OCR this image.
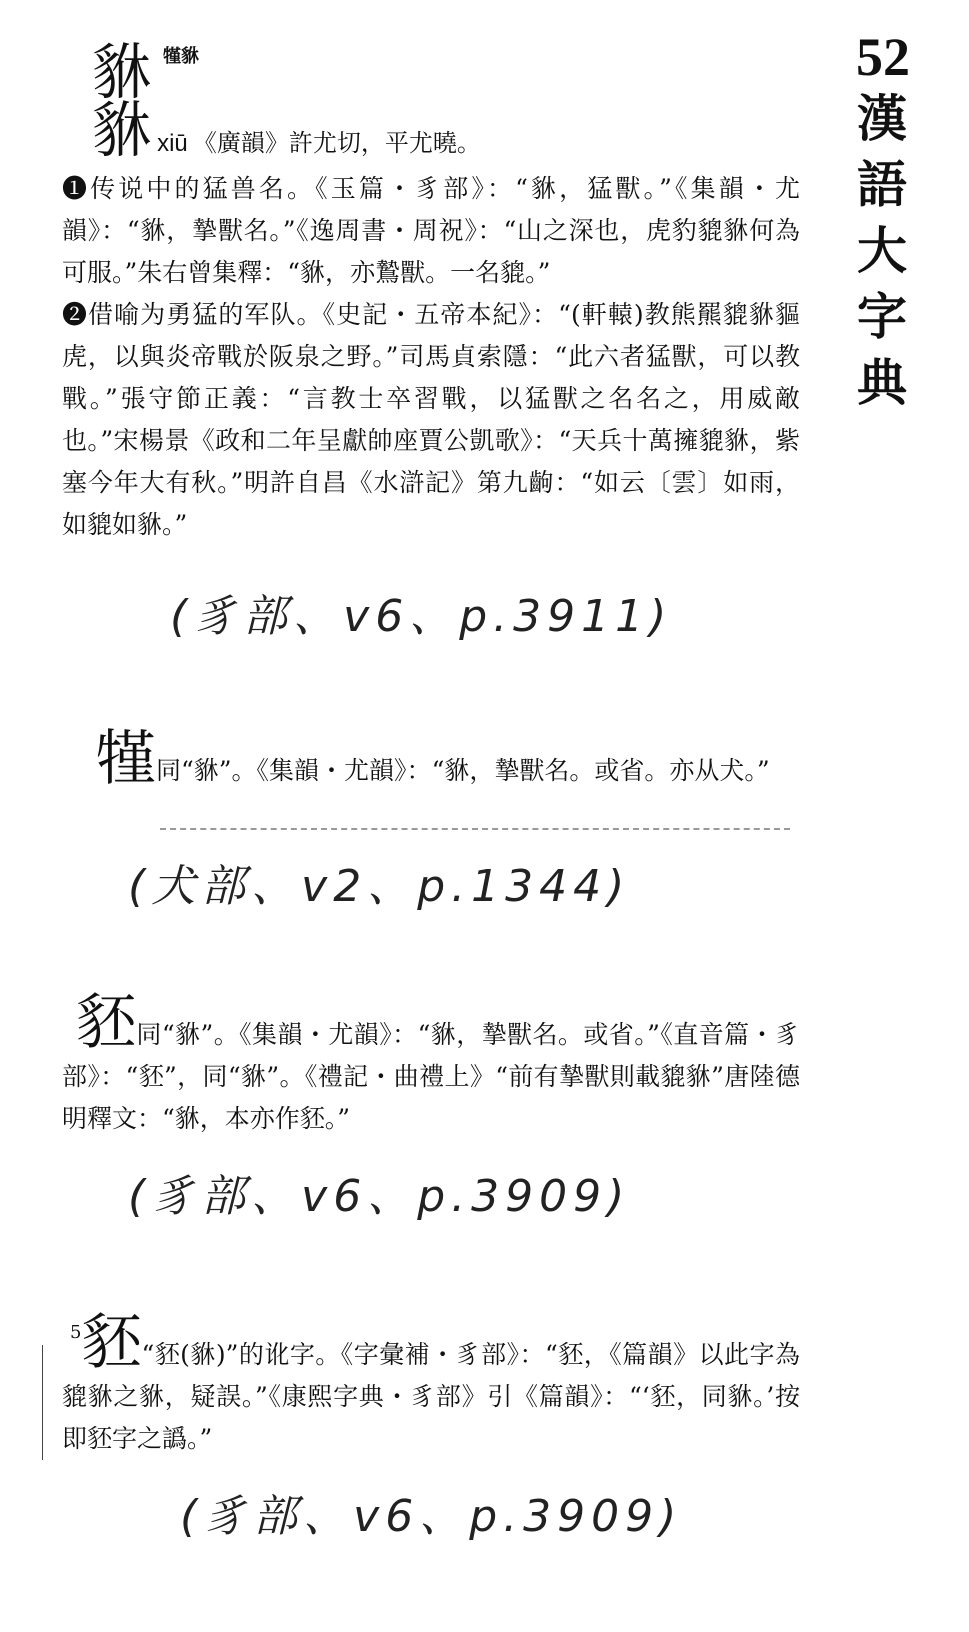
52
漢
語
大
字
典
貅 㹏貅
貅 xiū 《廣韻》許尤切，平尤曉。

❶传说中的猛兽名。《玉篇・豸部》：“貅，猛獸。”《集韻・尤韻》：“貅，摯獸名。”《逸周書・周祝》：“山之深也，虎豹貔貅何為可服。”朱右曾集釋：“貅，亦鷙獸。一名貔。”

❷借喻为勇猛的军队。《史記・五帝本紀》：“(軒轅)教熊羆貔貅貙虎，以與炎帝戰於阪泉之野。”司馬貞索隱：“此六者猛獸，可以教戰。”張守節正義：“言教士卒習戰，以猛獸之名名之，用威敵也。”宋楊景《政和二年呈獻帥座賈公凱歌》：“天兵十萬擁貔貅，紫塞今年大有秋。”明許自昌《水滸記》第九齣：“如云〔雲〕如雨，如貔如貅。”

(豸部、v6、p.3911)

㹏同“貅”。《集韻・尤韻》：“貅，摯獸名。或省。亦从犬。”

(犬部、v2、p.1344)

豾同“貅”。《集韻・尤韻》：“貅，摯獸名。或省。”《直音篇・豸部》：“豾”，同“貅”。《禮記・曲禮上》“前有摯獸則載貔貅”唐陸德明釋文：“貅，本亦作豾。”

(豸部、v6、p.3909)

$^5$豾“豾(貅)”的讹字。《字彙補・豸部》：“豾，《篇韻》以此字為貔貅之貅，疑誤。”《康熙字典・豸部》引《篇韻》：“‘豾，同貅。’按即豾字之譌。”

(豸部、v6、p.3909)
